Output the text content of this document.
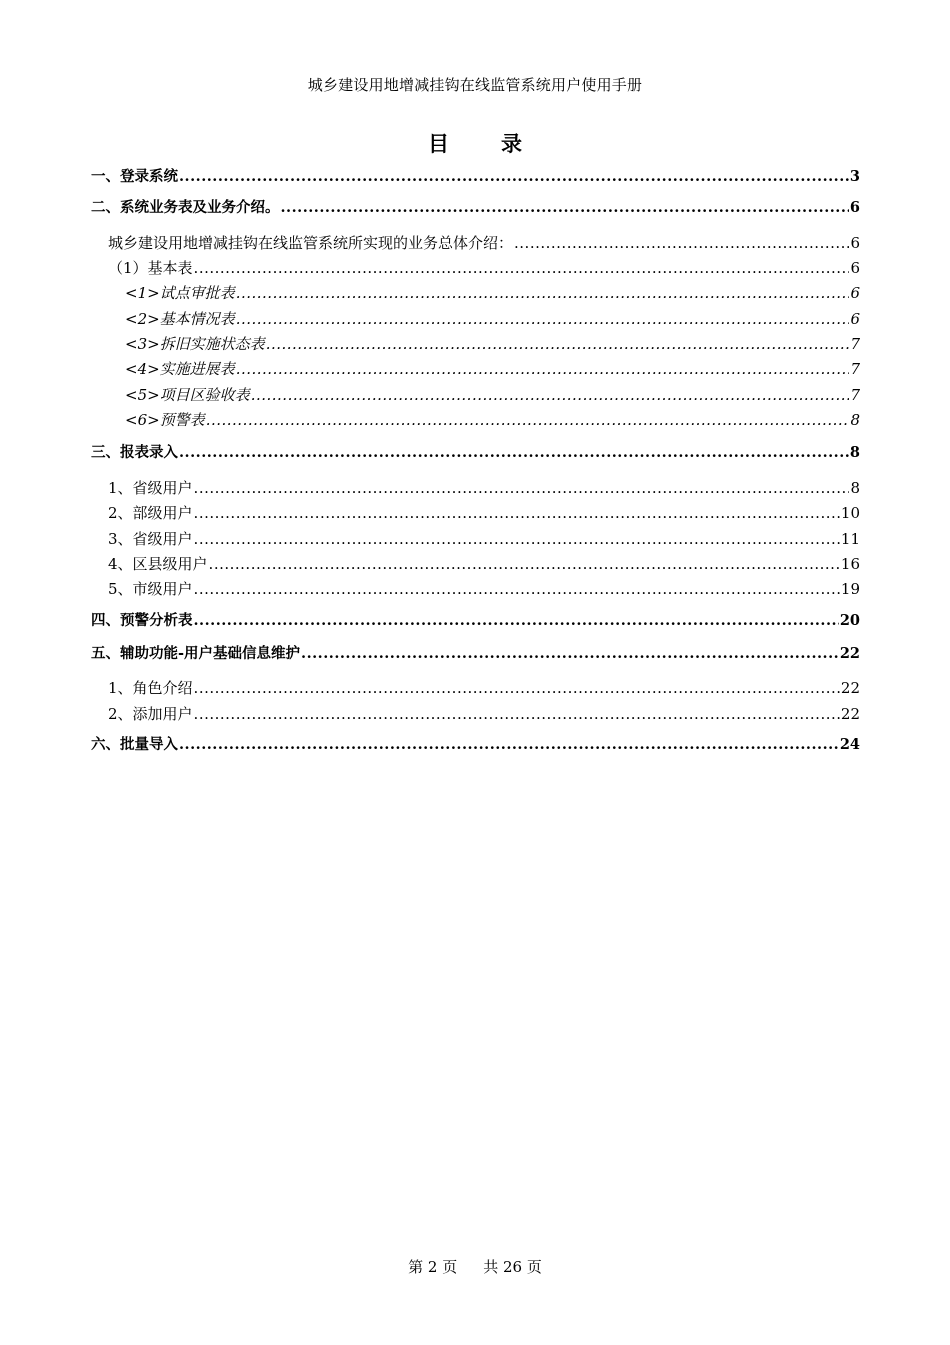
城乡建设用地增减挂钩在线监管系统用户使用手册
目 录
一、登录系统 .....	3
二、系统业务表及业务介绍。 .....	6
城乡建设用地增减挂钩在线监管系统所实现的业务总体介绍： .....	6
（1）基本表 .....	6
<1>试点审批表 .....	6
<2>基本情况表 .....	6
<3>拆旧实施状态表 .....	7
<4>实施进展表 .....	7
<5>项目区验收表 .....	7
<6>预警表 .....	8
三、报表录入 .....	8
1、省级用户 .....	8
2、部级用户 .....	10
3、省级用户 .....	11
4、区县级用户 .....	16
5、市级用户 .....	19
四、预警分析表 .....	20
五、辅助功能-用户基础信息维护 .....	22
1、角色介绍 .....	22
2、添加用户 .....	22
六、批量导入 .....	24
第 2 页 共 26 页
